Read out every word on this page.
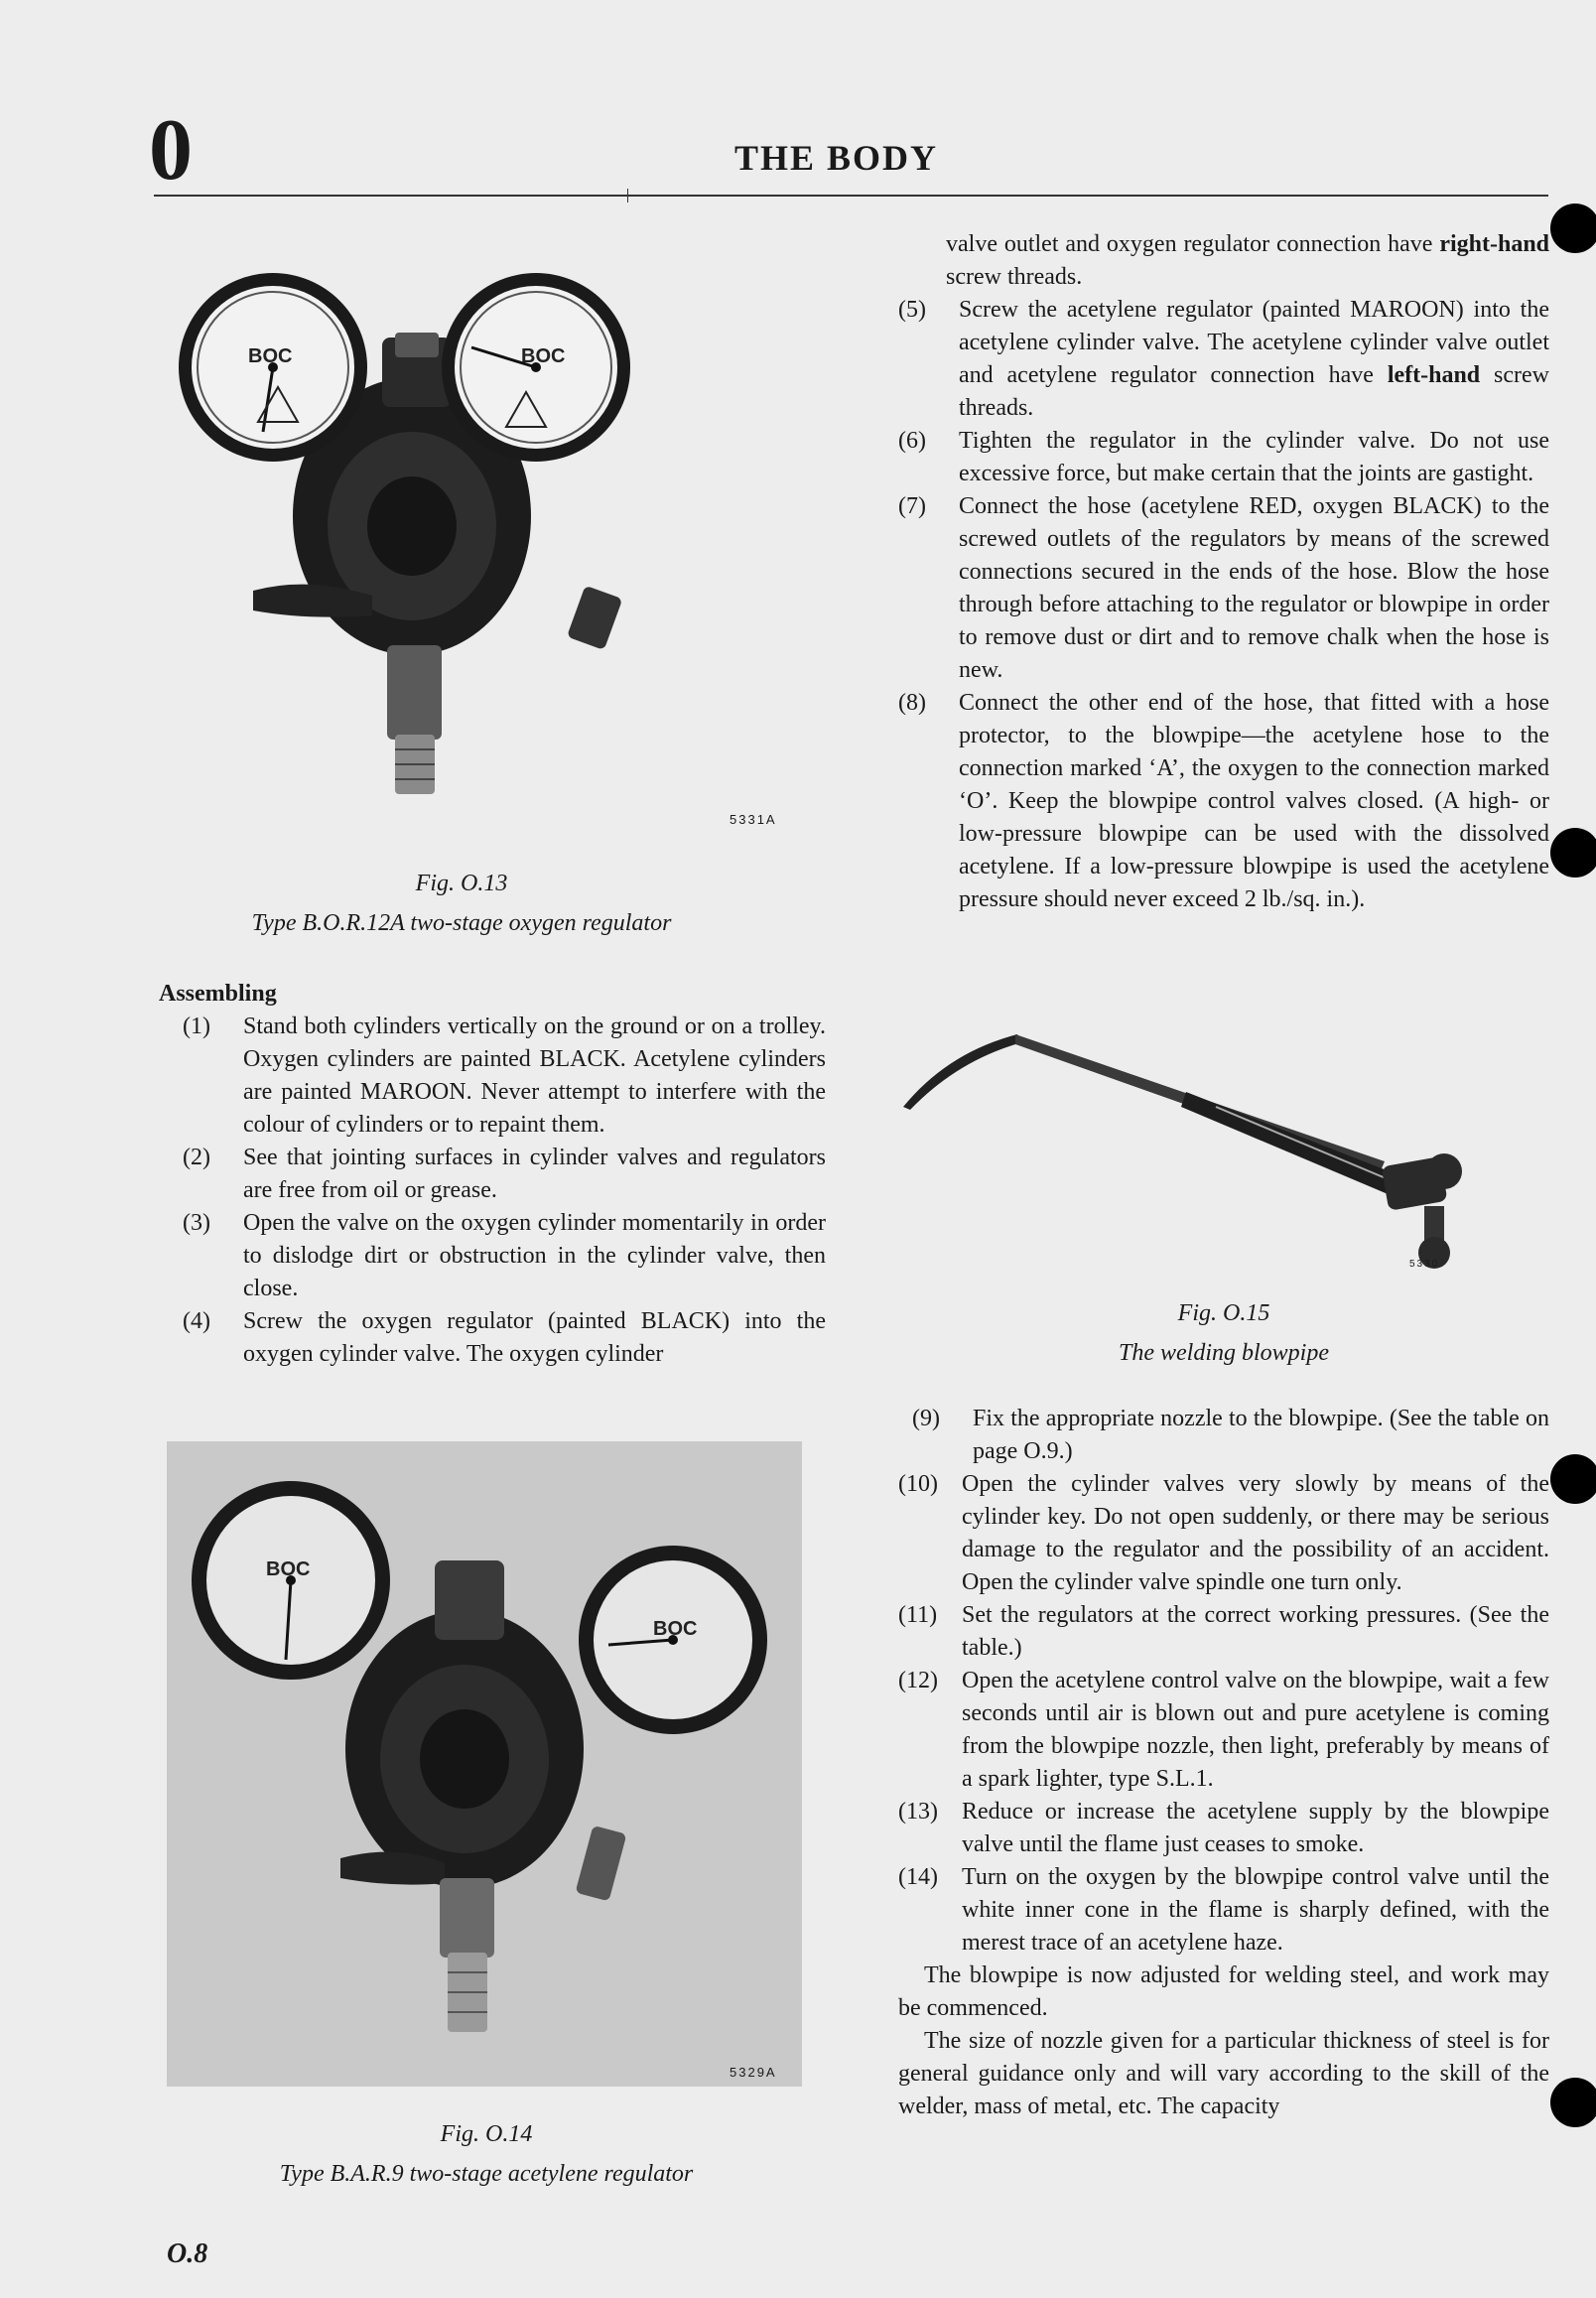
0	THE BODY
BOC	BOC
5331A
Fig. O.13
Type B.O.R.12A two-stage oxygen regulator
Assembling
(1) Stand both cylinders vertically on the ground or on a trolley. Oxygen cylinders are painted BLACK. Acetylene cylinders are painted MAROON. Never attempt to interfere with the colour of cylinders or to repaint them.
(2) See that jointing surfaces in cylinder valves and regulators are free from oil or grease.
(3) Open the valve on the oxygen cylinder momentarily in order to dislodge dirt or obstruction in the cylinder valve, then close.
(4) Screw the oxygen regulator (painted BLACK) into the oxygen cylinder valve. The oxygen cylinder
BOC
BOC
5329A
Fig. O.14
Type B.A.R.9 two-stage acetylene regulator
valve outlet and oxygen regulator connection have right-hand screw threads.
(5) Screw the acetylene regulator (painted MAROON) into the acetylene cylinder valve. The acetylene cylinder valve outlet and acetylene regulator connection have left-hand screw threads.
(6) Tighten the regulator in the cylinder valve. Do not use excessive force, but make certain that the joints are gastight.
(7) Connect the hose (acetylene RED, oxygen BLACK) to the screwed outlets of the regulators by means of the screwed connections secured in the ends of the hose. Blow the hose through before attaching to the regulator or blowpipe in order to remove dust or dirt and to remove chalk when the hose is new.
(8) Connect the other end of the hose, that fitted with a hose protector, to the blowpipe—the acetylene hose to the connection marked ‘A’, the oxygen to the connection marked ‘O’. Keep the blowpipe control valves closed. (A high- or low-pressure blowpipe can be used with the dissolved acetylene. If a low-pressure blowpipe is used the acetylene pressure should never exceed 2 lb./sq. in.).
5330
Fig. O.15
The welding blowpipe
(9) Fix the appropriate nozzle to the blowpipe. (See the table on page O.9.)
(10) Open the cylinder valves very slowly by means of the cylinder key. Do not open suddenly, or there may be serious damage to the regulator and the possibility of an accident. Open the cylinder valve spindle one turn only.
(11) Set the regulators at the correct working pressures. (See the table.)
(12) Open the acetylene control valve on the blowpipe, wait a few seconds until air is blown out and pure acetylene is coming from the blowpipe nozzle, then light, preferably by means of a spark lighter, type S.L.1.
(13) Reduce or increase the acetylene supply by the blowpipe valve until the flame just ceases to smoke.
(14) Turn on the oxygen by the blowpipe control valve until the white inner cone in the flame is sharply defined, with the merest trace of an acetylene haze.
The blowpipe is now adjusted for welding steel, and work may be commenced.
The size of nozzle given for a particular thickness of steel is for general guidance only and will vary according to the skill of the welder, mass of metal, etc. The capacity
O.8
